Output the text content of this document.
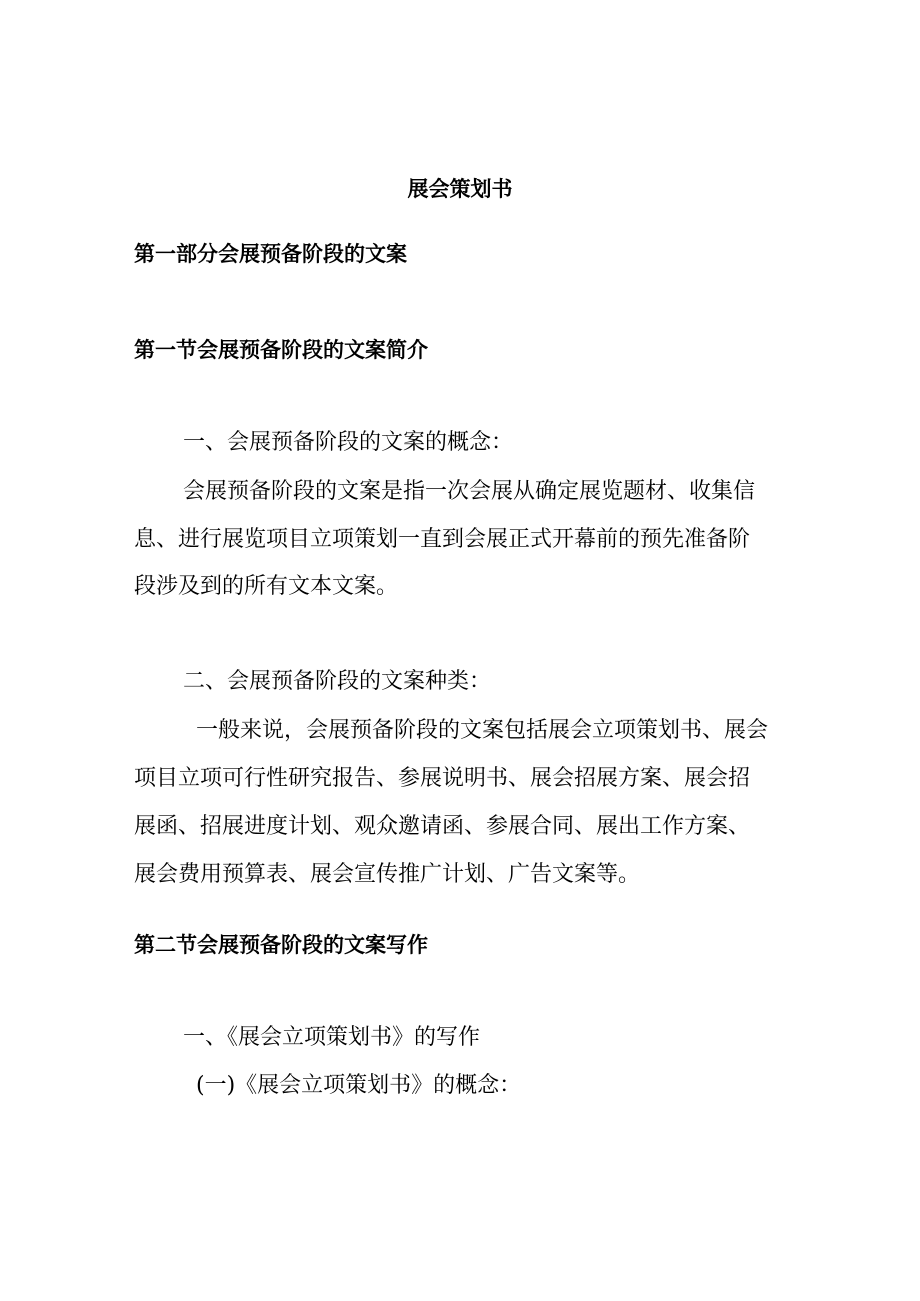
展会策划书

第一部分会展预备阶段的文案

第一节会展预备阶段的文案简介

一、会展预备阶段的文案的概念：

会展预备阶段的文案是指一次会展从确定展览题材、收集信

息、进行展览项目立项策划一直到会展正式开幕前的预先准备阶

段涉及到的所有文本文案。

二、会展预备阶段的文案种类：

一般来说，会展预备阶段的文案包括展会立项策划书、展会

项目立项可行性研究报告、参展说明书、展会招展方案、展会招

展函、招展进度计划、观众邀请函、参展合同、展出工作方案、

展会费用预算表、展会宣传推广计划、广告文案等。

第二节会展预备阶段的文案写作

一、《展会立项策划书》的写作

(一)《展会立项策划书》的概念：
